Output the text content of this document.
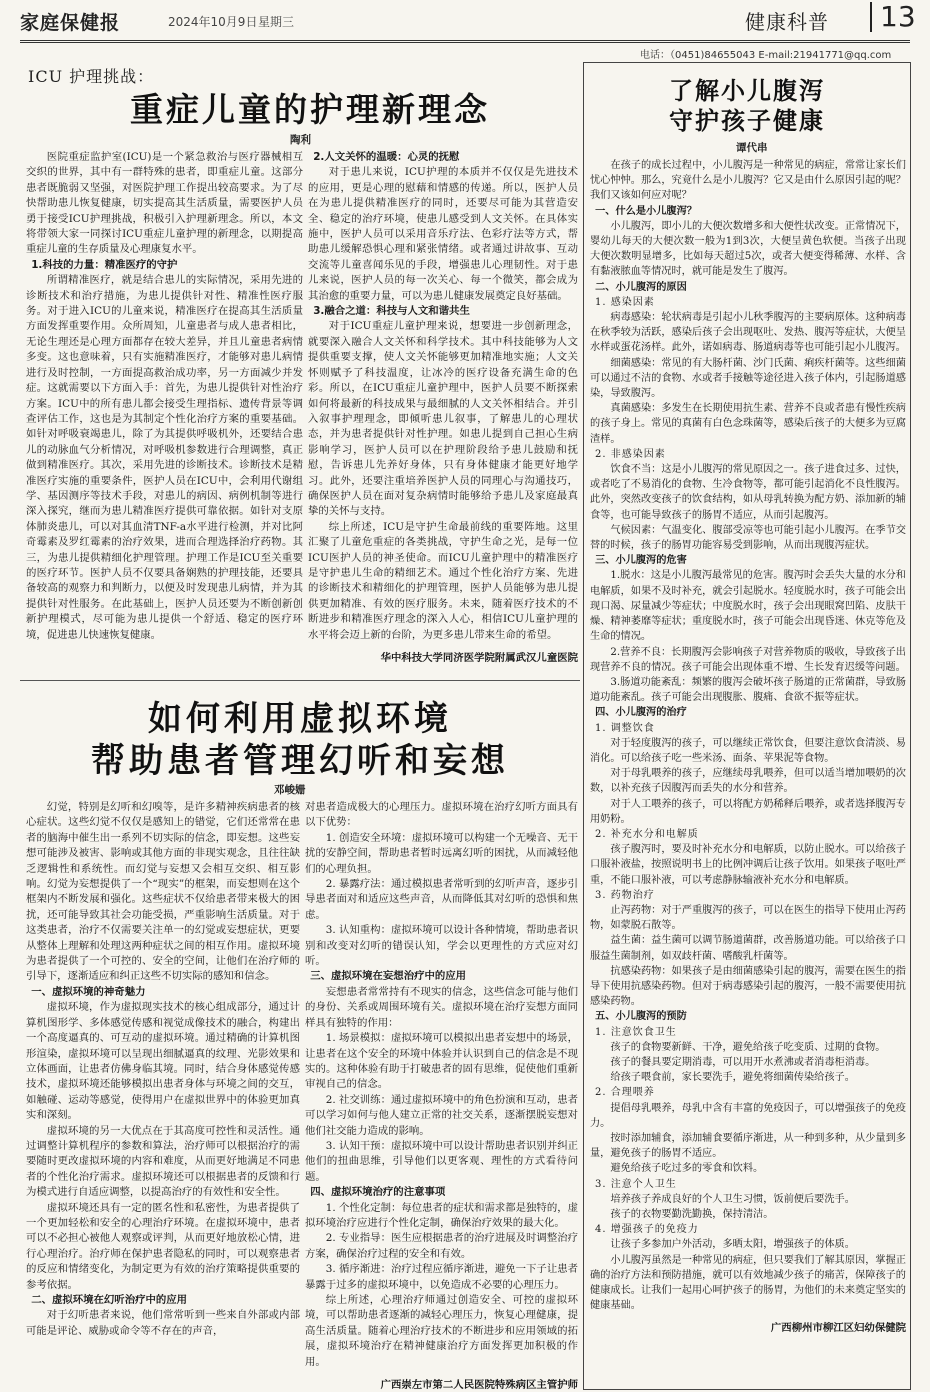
家庭保健报	2024年10月9日 星期三	健康科普	13
电话：（0451)84655043 E-mail:21941771@qq.com
ICU 护理挑战：
重症儿童的护理新理念
陶利

医院重症监护室(ICU)是一个紧急救治与医疗器械相互交织的世界，其中有一群特殊的患者，即重症儿童。这部分患者既脆弱又坚强，对医院护理工作提出较高要求。为了尽快帮助患儿恢复健康，切实提高其生活质量，需要医护人员勇于接受ICU护理挑战，积极引入护理新理念。所以，本文将带领大家一同探讨ICU重症儿童护理的新理念，以期提高重症儿童的生存质量及心理康复水平。

1.科技的力量：精准医疗的守护

所谓精准医疗，就是结合患儿的实际情况，采用先进的诊断技术和治疗措施，为患儿提供针对性、精准性医疗服务。对于进入ICU的儿童来说，精准医疗在提高其生活质量方面发挥重要作用。众所周知，儿童患者与成人患者相比，无论生理还是心理方面都存在较大差异，并且儿童患者病情多变。这也意味着，只有实施精准医疗，才能够对患儿病情进行及时控制，一方面提高救治成功率，另一方面减少并发症。这就需要以下方面入手：首先，为患儿提供针对性治疗方案。ICU中的所有患儿都会接受生理指标、遗传背景等调查评估工作，这也是为其制定个性化治疗方案的重要基础。如针对呼吸衰竭患儿，除了为其提供呼吸机外，还要结合患儿的动脉血气分析情况，对呼吸机参数进行合理调整，真正做到精准医疗。其次，采用先进的诊断技术。诊断技术是精准医疗实施的重要条件，医护人员在ICU中，会利用代谢组学、基因测序等技术手段，对患儿的病因、病例机制等进行深入探究，继而为患儿精准医疗提供可靠依据。如针对支原体肺炎患儿，可以对其血清TNF-a水平进行检测，并对比阿奇霉素及罗红霉素的治疗效果，进而合理选择治疗药物。其三，为患儿提供精细化护理管理。护理工作是ICU至关重要的医疗环节。医护人员不仅要具备娴熟的护理技能，还要具备较高的观察力和判断力，以便及时发现患儿病情，并为其提供针对性服务。在此基础上，医护人员还要为不断创新创新护理模式，尽可能为患儿提供一个舒适、稳定的医疗环境，促进患儿快速恢复健康。

2.人文关怀的温暖：心灵的抚慰

对于患儿来说，ICU护理的本质并不仅仅是先进技术的应用，更是心理的慰藉和情感的传递。所以，医护人员在为患儿提供精准医疗的同时，还要尽可能为其营造安全、稳定的治疗环境，使患儿感受到人文关怀。在具体实施中，医护人员可以采用音乐疗法、色彩疗法等方式，帮助患儿缓解恐惧心理和紧张情绪。或者通过讲故事、互动交流等儿童喜闻乐见的手段，增强患儿心理韧性。对于患儿来说，医护人员的每一次关心、每一个微笑，都会成为其治愈的重要力量，可以为患儿健康发展奠定良好基础。

3.融合之道：科技与人文和谐共生

对于ICU重症儿童护理来说，想要进一步创新理念，就要深入融合人文关怀和科学技术。其中科技能够为人文提供重要支撑，使人文关怀能够更加精准地实施；人文关怀则赋予了科技温度，让冰冷的医疗设备充满生命的色彩。所以，在ICU重症儿童护理中，医护人员要不断探索如何将最新的科技成果与最细腻的人文关怀相结合。并引入叙事护理理念，即倾听患儿叙事，了解患儿的心理状态，并为患者提供针对性护理。如患儿提到自己担心生病影响学习，医护人员可以在护理阶段给予患儿鼓励和抚慰，告诉患儿先养好身体，只有身体健康才能更好地学习。此外，还要注重培养医护人员的同理心与沟通技巧，确保医护人员在面对复杂病情时能够给予患儿及家庭最真挚的关怀与支持。

综上所述，ICU是守护生命最前线的重要阵地。这里汇聚了儿童危重症的各类挑战，守护生命之光，是每一位ICU医护人员的神圣使命。而ICU儿童护理中的精准医疗是守护患儿生命的精细艺术。通过个性化治疗方案、先进的诊断技术和精细化的护理管理，医护人员能够为患儿提供更加精准、有效的医疗服务。未来，随着医疗技术的不断进步和精准医疗理念的深入人心，相信ICU儿童护理的水平将会迈上新的台阶，为更多患儿带来生命的希望。

华中科技大学同济医学院附属武汉儿童医院
如何利用虚拟环境
帮助患者管理幻听和妄想
邓峻姗

幻觉，特别是幻听和幻嗅等，是许多精神疾病患者的核心症状。这些幻觉不仅仅是感知上的错觉，它们还常常在患者的脑海中催生出一系列不切实际的信念，即妄想。这些妄想可能涉及被害、影响或其他方面的非现实观念，且往往缺乏逻辑性和系统性。而幻觉与妄想又会相互交织、相互影响。幻觉为妄想提供了一个“现实”的框架，而妄想则在这个框架内不断发展和强化。这些症状不仅给患者带来极大的困扰，还可能导致其社会功能受损，严重影响生活质量。对于这类患者，治疗不仅需要关注单一的幻觉或妄想症状，更要从整体上理解和处理这两种症状之间的相互作用。虚拟环境为患者提供了一个可控的、安全的空间，让他们在治疗师的引导下，逐渐适应和纠正这些不切实际的感知和信念。

一、虚拟环境的神奇魅力

虚拟环境，作为虚拟现实技术的核心组成部分，通过计算机图形学、多体感觉传感和视觉成像技术的融合，构建出一个高度逼真的、可互动的虚拟环境。通过精确的计算机图形渲染，虚拟环境可以呈现出细腻逼真的纹理、光影效果和立体画面，让患者仿佛身临其境。同时，结合身体感觉传感技术，虚拟环境还能够模拟出患者身体与环境之间的交互，如触碰、运动等感觉，使得用户在虚拟世界中的体验更加真实和深刻。

虚拟环境的另一大优点在于其高度可控性和灵活性。通过调整计算机程序的参数和算法，治疗师可以根据治疗的需要随时更改虚拟环境的内容和难度，从而更好地满足不同患者的个性化治疗需求。虚拟环境还可以根据患者的反馈和行为模式进行自适应调整，以提高治疗的有效性和安全性。

虚拟环境还具有一定的匿名性和私密性，为患者提供了一个更加轻松和安全的心理治疗环境。在虚拟环境中，患者可以不必担心被他人观察或评判，从而更好地放松心情，进行心理治疗。治疗师在保护患者隐私的同时，可以观察患者的反应和情绪变化，为制定更为有效的治疗策略提供重要的参考依据。

二、虚拟环境在幻听治疗中的应用

对于幻听患者来说，他们常常听到一些来自外部或内部可能是评论、威胁或命令等不存在的声音，

对患者造成极大的心理压力。虚拟环境在治疗幻听方面具有以下优势：

1. 创造安全环境：虚拟环境可以构建一个无噪音、无干扰的安静空间，帮助患者暂时远离幻听的困扰，从而减轻他们的心理负担。

2. 暴露疗法：通过模拟患者常听到的幻听声音，逐步引导患者面对和适应这些声音，从而降低其对幻听的恐惧和焦虑。

3. 认知重构：虚拟环境可以设计各种情境，帮助患者识别和改变对幻听的错误认知，学会以更理性的方式应对幻听。

三、虚拟环境在妄想治疗中的应用

妄想患者常常持有不现实的信念，这些信念可能与他们的身份、关系或周围环境有关。虚拟环境在治疗妄想方面同样具有独特的作用：

1. 场景模拟：虚拟环境可以模拟出患者妄想中的场景，让患者在这个安全的环境中体验并认识到自己的信念是不现实的。这种体验有助于打破患者的固有思维，促使他们重新审视自己的信念。

2. 社交训练：通过虚拟环境中的角色扮演和互动，患者可以学习如何与他人建立正常的社交关系，逐渐摆脱妄想对他们社交能力造成的影响。

3. 认知干预：虚拟环境中可以设计帮助患者识别并纠正他们的扭曲思维，引导他们以更客观、理性的方式看待问题。

四、虚拟环境治疗的注意事项

1. 个性化定制：每位患者的症状和需求都是独特的，虚拟环境治疗应进行个性化定制，确保治疗效果的最大化。

2. 专业指导：医生应根据患者的治疗进展及时调整治疗方案，确保治疗过程的安全和有效。

3. 循序渐进：治疗过程应循序渐进，避免一下子让患者暴露于过多的虚拟环境中，以免造成不必要的心理压力。

综上所述，心理治疗师通过创造安全、可控的虚拟环境，可以帮助患者逐渐的减轻心理压力，恢复心理健康，提高生活质量。随着心理治疗技术的不断进步和应用领域的拓展，虚拟环境治疗在精神健康治疗方面发挥更加积极的作用。

广西崇左市第二人民医院特殊病区主管护师
了解小儿腹泻
守护孩子健康
谭代串

在孩子的成长过程中，小儿腹泻是一种常见的病症，常常让家长们忧心忡忡。那么，究竟什么是小儿腹泻？它又是由什么原因引起的呢？我们又该如何应对呢？

一、什么是小儿腹泻？

小儿腹泻，即小儿的大便次数增多和大便性状改变。正常情况下，婴幼儿每天的大便次数一般为1到3次，大便呈黄色软便。当孩子出现大便次数明显增多，比如每天超过5次，或者大便变得稀薄、水样、含有黏液脓血等情况时，就可能是发生了腹泻。

二、小儿腹泻的原因
1. 感染因素

病毒感染：轮状病毒是引起小儿秋季腹泻的主要病原体。这种病毒在秋季较为活跃，感染后孩子会出现呕吐、发热、腹泻等症状，大便呈水样或蛋花汤样。此外，诺如病毒、肠道病毒等也可能引起小儿腹泻。

细菌感染：常见的有大肠杆菌、沙门氏菌、痢疾杆菌等。这些细菌可以通过不洁的食物、水或者手接触等途径进入孩子体内，引起肠道感染，导致腹泻。

真菌感染：多发生在长期使用抗生素、营养不良或者患有慢性疾病的孩子身上。常见的真菌有白色念珠菌等，感染后孩子的大便多为豆腐渣样。

2. 非感染因素

饮食不当：这是小儿腹泻的常见原因之一。孩子进食过多、过快，或者吃了不易消化的食物、生冷食物等，都可能引起消化不良性腹泻。此外，突然改变孩子的饮食结构，如从母乳转换为配方奶、添加新的辅食等，也可能导致孩子的肠胃不适应，从而引起腹泻。

气候因素：气温变化、腹部受凉等也可能引起小儿腹泻。在季节交替的时候，孩子的肠胃功能容易受到影响，从而出现腹泻症状。

三、小儿腹泻的危害

1.脱水：这是小儿腹泻最常见的危害。腹泻时会丢失大量的水分和电解质，如果不及时补充，就会引起脱水。轻度脱水时，孩子可能会出现口渴、尿量减少等症状；中度脱水时，孩子会出现眼窝凹陷、皮肤干燥、精神萎靡等症状；重度脱水时，孩子可能会出现昏迷、休克等危及生命的情况。

2.营养不良：长期腹泻会影响孩子对营养物质的吸收，导致孩子出现营养不良的情况。孩子可能会出现体重不增、生长发育迟缓等问题。

3.肠道功能紊乱：频繁的腹泻会破坏孩子肠道的正常菌群，导致肠道功能紊乱。孩子可能会出现腹胀、腹痛、食欲不振等症状。

四、小儿腹泻的治疗
1. 调整饮食

对于轻度腹泻的孩子，可以继续正常饮食，但要注意饮食清淡、易消化。可以给孩子吃一些米汤、面条、苹果泥等食物。

对于母乳喂养的孩子，应继续母乳喂养，但可以适当增加喂奶的次数，以补充孩子因腹泻而丢失的水分和营养。

对于人工喂养的孩子，可以将配方奶稀释后喂养，或者选择腹泻专用奶粉。

2. 补充水分和电解质

孩子腹泻时，要及时补充水分和电解质，以防止脱水。可以给孩子口服补液盐，按照说明书上的比例冲调后让孩子饮用。如果孩子呕吐严重，不能口服补液，可以考虑静脉输液补充水分和电解质。

3. 药物治疗

止泻药物：对于严重腹泻的孩子，可以在医生的指导下使用止泻药物，如蒙脱石散等。

益生菌：益生菌可以调节肠道菌群，改善肠道功能。可以给孩子口服益生菌制剂，如双歧杆菌、嗜酸乳杆菌等。

抗感染药物：如果孩子是由细菌感染引起的腹泻，需要在医生的指导下使用抗感染药物。但对于病毒感染引起的腹泻，一般不需要使用抗感染药物。

五、小儿腹泻的预防
1. 注意饮食卫生

孩子的食物要新鲜、干净，避免给孩子吃变质、过期的食物。

孩子的餐具要定期消毒，可以用开水煮沸或者消毒柜消毒。

给孩子喂食前，家长要洗手，避免将细菌传染给孩子。

2. 合理喂养

提倡母乳喂养，母乳中含有丰富的免疫因子，可以增强孩子的免疫力。

按时添加辅食，添加辅食要循序渐进，从一种到多种，从少量到多量，避免孩子的肠胃不适应。

避免给孩子吃过多的零食和饮料。

3. 注意个人卫生

培养孩子养成良好的个人卫生习惯，饭前便后要洗手。

孩子的衣物要勤洗勤换，保持清洁。

4. 增强孩子的免疫力

让孩子多参加户外活动，多晒太阳，增强孩子的体质。

小儿腹泻虽然是一种常见的病症，但只要我们了解其原因，掌握正确的治疗方法和预防措施，就可以有效地减少孩子的痛苦，保障孩子的健康成长。让我们一起用心呵护孩子的肠胃，为他们的未来奠定坚实的健康基础。

广西柳州市柳江区妇幼保健院
